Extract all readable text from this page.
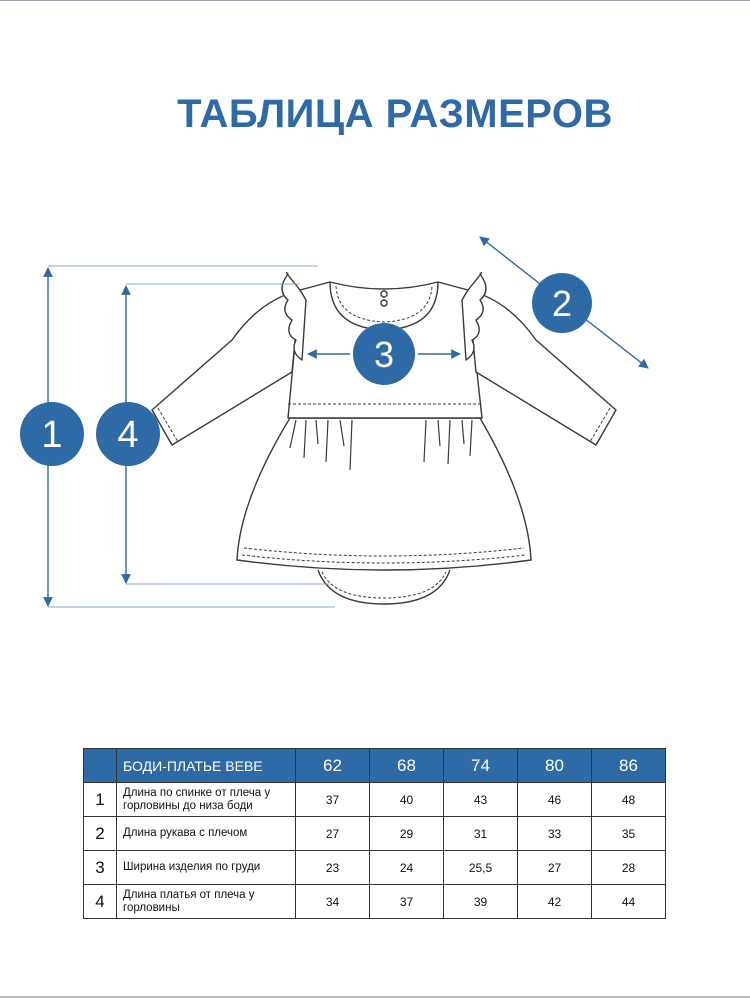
ТАБЛИЦА РАЗМЕРОВ
1 4
2
3
	БОДИ-ПЛАТЬЕ BEBE	62	68	74	80	86
1	Длина по спинке от плеча у горловины до низа боди	37	40	43	46	48
2	Длина рукава с плечом	27	29	31	33	35
3	Ширина изделия по груди	23	24	25,5	27	28
4	Длина платья от плеча у горловины	34	37	39	42	44
